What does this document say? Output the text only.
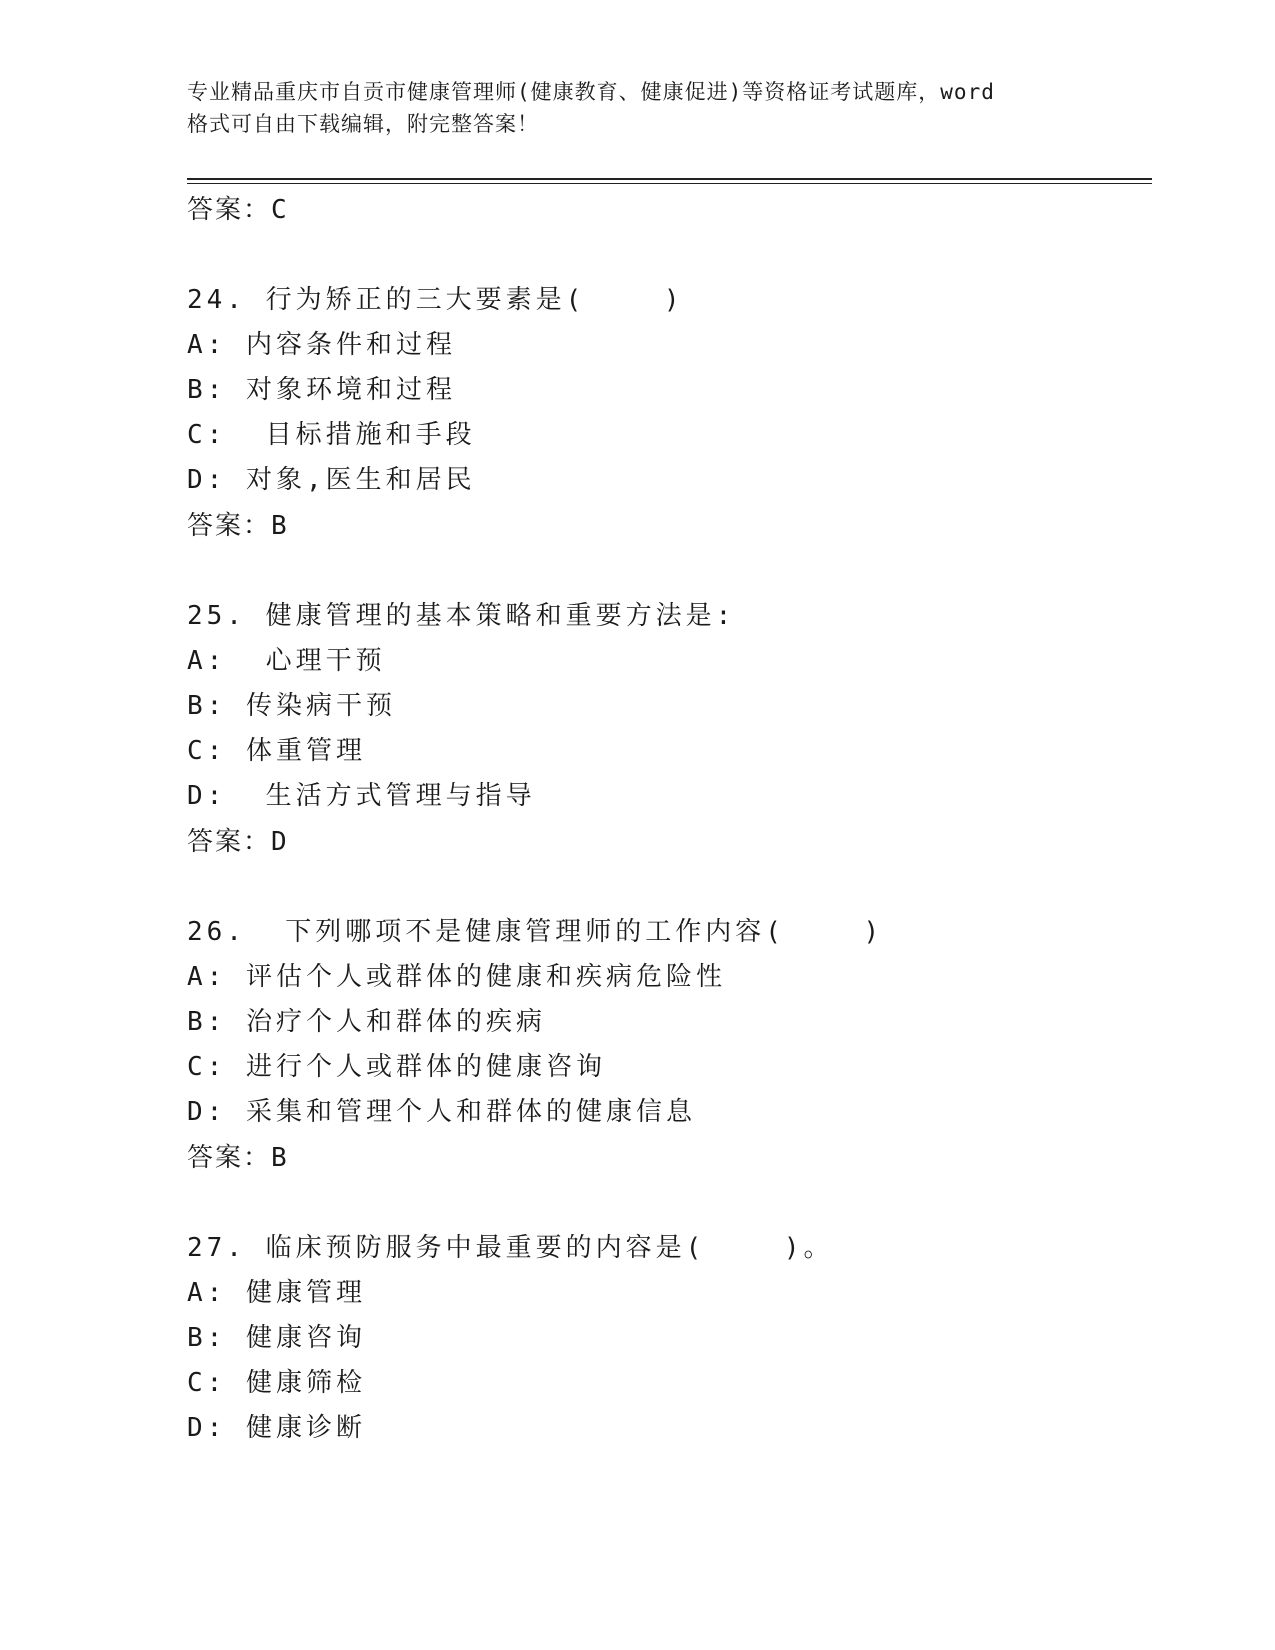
专业精品重庆市自贡市健康管理师(健康教育、健康促进)等资格证考试题库，word
格式可自由下载编辑，附完整答案！
答案：C
24. 行为矫正的三大要素是(    )
A: 内容条件和过程
B: 对象环境和过程
C:  目标措施和手段
D: 对象,医生和居民
答案：B
25. 健康管理的基本策略和重要方法是:
A:  心理干预
B: 传染病干预
C: 体重管理
D:  生活方式管理与指导
答案：D
26.  下列哪项不是健康管理师的工作内容(    )
A: 评估个人或群体的健康和疾病危险性
B: 治疗个人和群体的疾病
C: 进行个人或群体的健康咨询
D: 采集和管理个人和群体的健康信息
答案：B
27. 临床预防服务中最重要的内容是(    )。
A: 健康管理
B: 健康咨询
C: 健康筛检
D: 健康诊断
